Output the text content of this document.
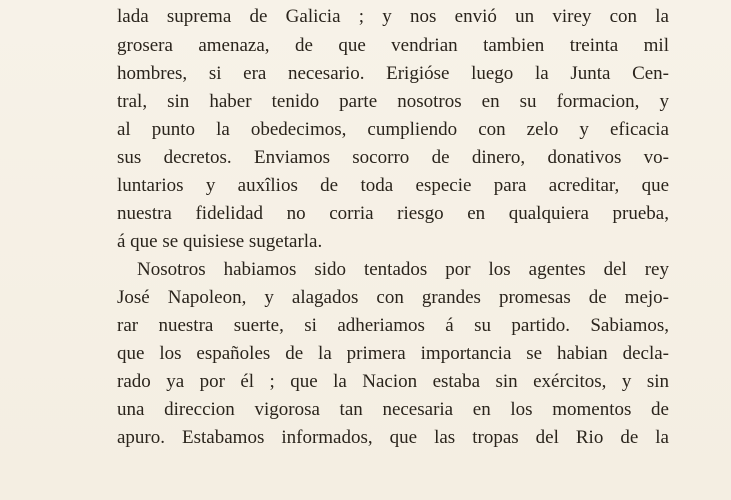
lada suprema de Galicia ; y nos envió un virey con la
grosera amenaza, de que vendrian tambien treinta mil
hombres, si era necesario. Erigióse luego la Junta Cen-
tral, sin haber tenido parte nosotros en su formacion, y
al punto la obedecimos, cumpliendo con zelo y eficacia
sus decretos. Enviamos socorro de dinero, donativos vo-
luntarios y auxîlios de toda especie para acreditar, que
nuestra fidelidad no corria riesgo en qualquiera prueba,
á que se quisiese sugetarla.
Nosotros habiamos sido tentados por los agentes del rey
José Napoleon, y alagados con grandes promesas de mejo-
rar nuestra suerte, si adheriamos á su partido. Sabiamos,
que los españoles de la primera importancia se habian decla-
rado ya por él ; que la Nacion estaba sin exércitos, y sin
una direccion vigorosa tan necesaria en los momentos de
apuro. Estabamos informados, que las tropas del Rio de la
